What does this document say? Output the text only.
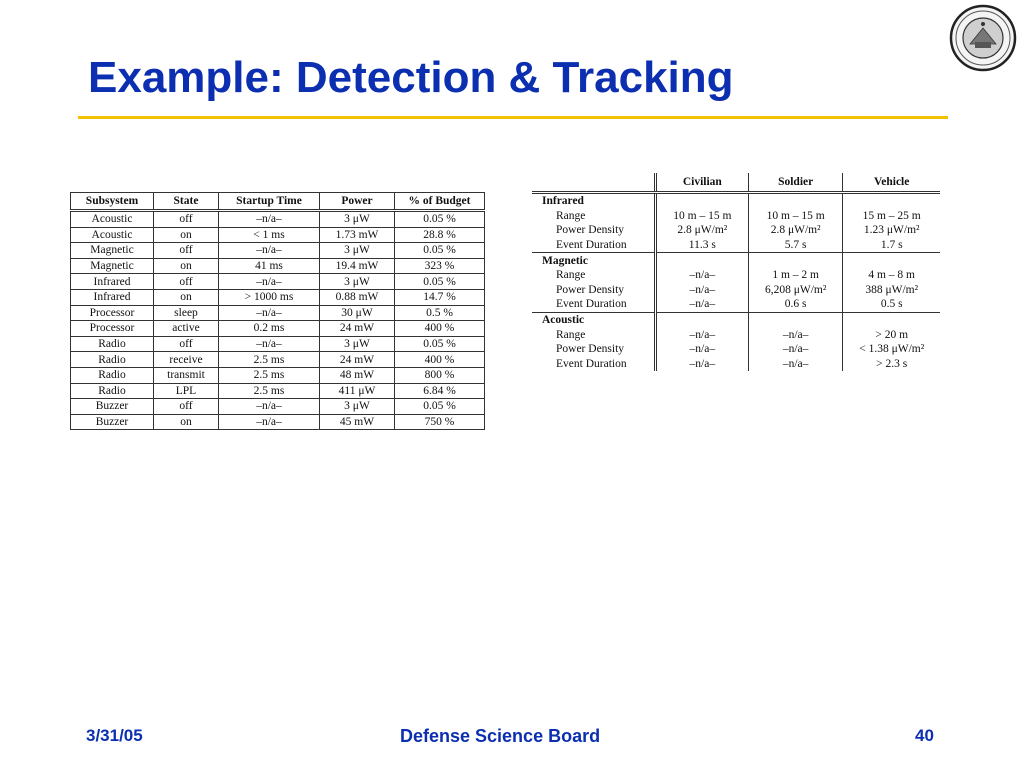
Example: Detection & Tracking
Subsystem	State	Startup Time	Power	% of Budget
Acoustic	off	–n/a–	3 μW	0.05 %
Acoustic	on	< 1 ms	1.73 mW	28.8 %
Magnetic	off	–n/a–	3 μW	0.05 %
Magnetic	on	41 ms	19.4 mW	323 %
Infrared	off	–n/a–	3 μW	0.05 %
Infrared	on	> 1000 ms	0.88 mW	14.7 %
Processor	sleep	–n/a–	30 μW	0.5 %
Processor	active	0.2 ms	24 mW	400 %
Radio	off	–n/a–	3 μW	0.05 %
Radio	receive	2.5 ms	24 mW	400 %
Radio	transmit	2.5 ms	48 mW	800 %
Radio	LPL	2.5 ms	411 μW	6.84 %
Buzzer	off	–n/a–	3 μW	0.05 %
Buzzer	on	–n/a–	45 mW	750 %
	Civilian	Soldier	Vehicle
Infrared			
Range	10 m – 15 m	10 m – 15 m	15 m – 25 m
Power Density	2.8 μW/m²	2.8 μW/m²	1.23 μW/m²
Event Duration	11.3 s	5.7 s	1.7 s
Magnetic			
Range	–n/a–	1 m – 2 m	4 m – 8 m
Power Density	–n/a–	6,208 μW/m²	388 μW/m²
Event Duration	–n/a–	0.6 s	0.5 s
Acoustic			
Range	–n/a–	–n/a–	> 20 m
Power Density	–n/a–	–n/a–	< 1.38 μW/m²
Event Duration	–n/a–	–n/a–	> 2.3 s
3/31/05	Defense Science Board	40
